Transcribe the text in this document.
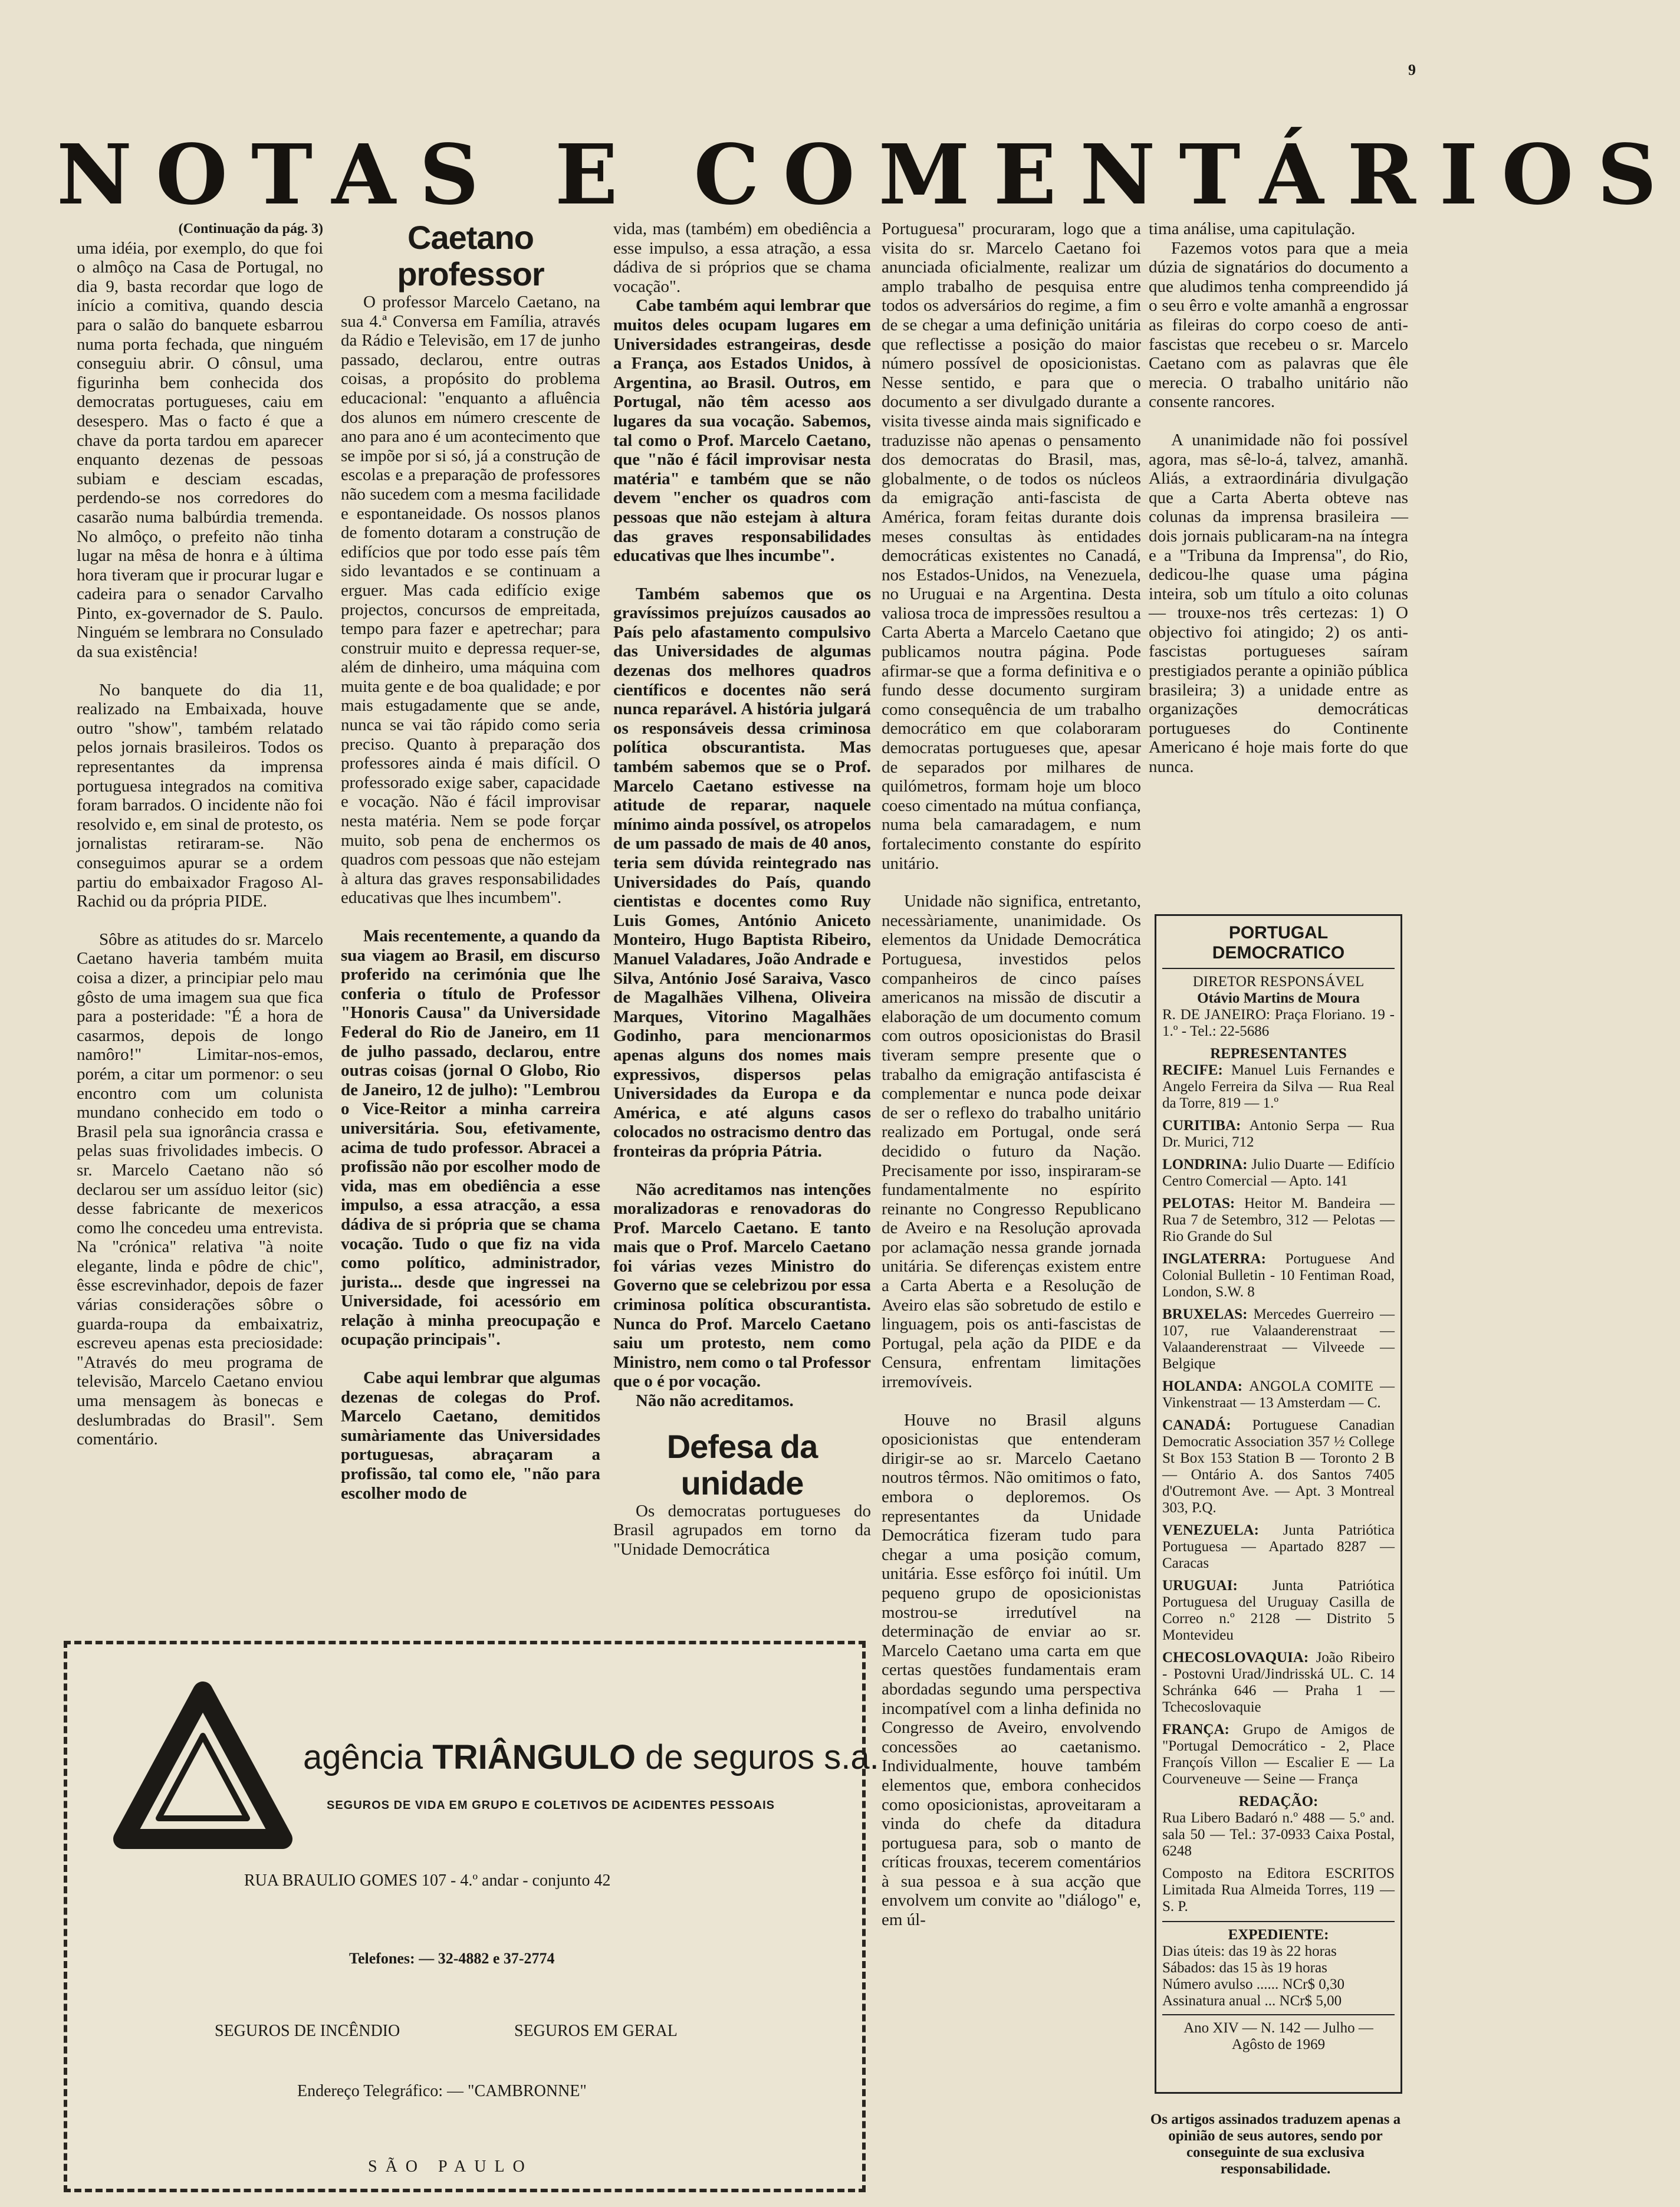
9
NOTAS E COMENTÁRIOS

(Continuação da pág. 3)

uma idéia, por exemplo, do que foi o almôço na Casa de Portugal, no dia 9, basta recordar que logo de início a comitiva, quando descia para o salão do banquete esbarrou numa porta fechada, que ninguém conseguiu abrir. O cônsul, uma figurinha bem conhecida dos democratas portugueses, caiu em desespero. Mas o facto é que a chave da porta tardou em aparecer enquanto dezenas de pessoas subiam e desciam escadas, perdendo-se nos corredores do casarão numa balbúrdia tremenda. No almôço, o prefeito não tinha lugar na mêsa de honra e à última hora tiveram que ir procurar lugar e cadeira para o senador Carvalho Pinto, ex-governador de S. Paulo. Ninguém se lembrara no Consulado da sua existência!

No banquete do dia 11, realizado na Embaixada, houve outro "show", também relatado pelos jornais brasileiros. Todos os representantes da imprensa portuguesa integrados na comitiva foram barrados. O incidente não foi resolvido e, em sinal de protesto, os jornalistas retiraram-se. Não conseguimos apurar se a ordem partiu do embaixador Fragoso Al-Rachid ou da própria PIDE.

Sôbre as atitudes do sr. Marcelo Caetano haveria também muita coisa a dizer, a principiar pelo mau gôsto de uma imagem sua que fica para a posteridade: "É a hora de casarmos, depois de longo namôro!" Limitar-nos-emos, porém, a citar um pormenor: o seu encontro com um colunista mundano conhecido em todo o Brasil pela sua ignorância crassa e pelas suas frivolidades imbecis. O sr. Marcelo Caetano não só declarou ser um assíduo leitor (sic) desse fabricante de mexericos como lhe concedeu uma entrevista. Na "crónica" relativa "à noite elegante, linda e pôdre de chic", êsse escrevinhador, depois de fazer várias considerações sôbre o guarda-roupa da embaixatriz, escreveu apenas esta preciosidade: "Através do meu programa de televisão, Marcelo Caetano enviou uma mensagem às bonecas e deslumbradas do Brasil". Sem comentário.

Caetano professor

O professor Marcelo Caetano, na sua 4.ª Conversa em Família, através da Rádio e Televisão, em 17 de junho passado, declarou, entre outras coisas, a propósito do problema educacional: "enquanto a afluência dos alunos em número crescente de ano para ano é um acontecimento que se impõe por si só, já a construção de escolas e a preparação de professores não sucedem com a mesma facilidade e espontaneidade. Os nossos planos de fomento dotaram a construção de edifícios que por todo esse país têm sido levantados e se continuam a erguer. Mas cada edifício exige projectos, concursos de empreitada, tempo para fazer e apetrechar; para construir muito e depressa requer-se, além de dinheiro, uma máquina com muita gente e de boa qualidade; e por mais estugadamente que se ande, nunca se vai tão rápido como seria preciso. Quanto à preparação dos professores ainda é mais difícil. O professorado exige saber, capacidade e vocação. Não é fácil improvisar nesta matéria. Nem se pode forçar muito, sob pena de enchermos os quadros com pessoas que não estejam à altura das graves responsabilidades educativas que lhes incumbem".

Mais recentemente, a quando da sua viagem ao Brasil, em discurso proferido na cerimónia que lhe conferia o título de Professor "Honoris Causa" da Universidade Federal do Rio de Janeiro, em 11 de julho passado, declarou, entre outras coisas (jornal O Globo, Rio de Janeiro, 12 de julho): "Lembrou o Vice-Reitor a minha carreira universitária. Sou, efetivamente, acima de tudo professor. Abracei a profissão não por escolher modo de vida, mas em obediência a esse impulso, a essa atracção, a essa dádiva de si própria que se chama vocação. Tudo o que fiz na vida como político, administrador, jurista... desde que ingressei na Universidade, foi acessório em relação à minha preocupação e ocupação principais".

Cabe aqui lembrar que algumas dezenas de colegas do Prof. Marcelo Caetano, demitidos sumàriamente das Universidades portuguesas, abraçaram a profissão, tal como ele, "não para escolher modo de

vida, mas (também) em obediência a esse impulso, a essa atração, a essa dádiva de si próprios que se chama vocação".

Cabe também aqui lembrar que muitos deles ocupam lugares em Universidades estrangeiras, desde a França, aos Estados Unidos, à Argentina, ao Brasil. Outros, em Portugal, não têm acesso aos lugares da sua vocação. Sabemos, tal como o Prof. Marcelo Caetano, que "não é fácil improvisar nesta matéria" e também que se não devem "encher os quadros com pessoas que não estejam à altura das graves responsabilidades educativas que lhes incumbe".

Também sabemos que os gravíssimos prejuízos causados ao País pelo afastamento compulsivo das Universidades de algumas dezenas dos melhores quadros científicos e docentes não será nunca reparável. A história julgará os responsáveis dessa criminosa política obscurantista. Mas também sabemos que se o Prof. Marcelo Caetano estivesse na atitude de reparar, naquele mínimo ainda possível, os atropelos de um passado de mais de 40 anos, teria sem dúvida reintegrado nas Universidades do País, quando cientistas e docentes como Ruy Luis Gomes, António Aniceto Monteiro, Hugo Baptista Ribeiro, Manuel Valadares, João Andrade e Silva, António José Saraiva, Vasco de Magalhães Vilhena, Oliveira Marques, Vitorino Magalhães Godinho, para mencionarmos apenas alguns dos nomes mais expressivos, dispersos pelas Universidades da Europa e da América, e até alguns casos colocados no ostracismo dentro das fronteiras da própria Pátria.

Não acreditamos nas intenções moralizadoras e renovadoras do Prof. Marcelo Caetano. E tanto mais que o Prof. Marcelo Caetano foi várias vezes Ministro do Governo que se celebrizou por essa criminosa política obscurantista. Nunca do Prof. Marcelo Caetano saiu um protesto, nem como Ministro, nem como o tal Professor que o é por vocação.

Não não acreditamos.

Defesa da unidade

Os democratas portugueses do Brasil agrupados em torno da "Unidade Democrática

Portuguesa" procuraram, logo que a visita do sr. Marcelo Caetano foi anunciada oficialmente, realizar um amplo trabalho de pesquisa entre todos os adversários do regime, a fim de se chegar a uma definição unitária que reflectisse a posição do maior número possível de oposicionistas. Nesse sentido, e para que o documento a ser divulgado durante a visita tivesse ainda mais significado e traduzisse não apenas o pensamento dos democratas do Brasil, mas, globalmente, o de todos os núcleos da emigração anti-fascista de América, foram feitas durante dois meses consultas às entidades democráticas existentes no Canadá, nos Estados-Unidos, na Venezuela, no Uruguai e na Argentina. Desta valiosa troca de impressões resultou a Carta Aberta a Marcelo Caetano que publicamos noutra página. Pode afirmar-se que a forma definitiva e o fundo desse documento surgiram como consequência de um trabalho democrático em que colaboraram democratas portugueses que, apesar de separados por milhares de quilómetros, formam hoje um bloco coeso cimentado na mútua confiança, numa bela camaradagem, e num fortalecimento constante do espírito unitário.

Unidade não significa, entretanto, necessàriamente, unanimidade. Os elementos da Unidade Democrática Portuguesa, investidos pelos companheiros de cinco países americanos na missão de discutir a elaboração de um documento comum com outros oposicionistas do Brasil tiveram sempre presente que o trabalho da emigração antifascista é complementar e nunca pode deixar de ser o reflexo do trabalho unitário realizado em Portugal, onde será decidido o futuro da Nação. Precisamente por isso, inspiraram-se fundamentalmente no espírito reinante no Congresso Republicano de Aveiro e na Resolução aprovada por aclamação nessa grande jornada unitária. Se diferenças existem entre a Carta Aberta e a Resolução de Aveiro elas são sobretudo de estilo e linguagem, pois os anti-fascistas de Portugal, pela ação da PIDE e da Censura, enfrentam limitações irremovíveis.

Houve no Brasil alguns oposicionistas que entenderam dirigir-se ao sr. Marcelo Caetano noutros têrmos. Não omitimos o fato, embora o deploremos. Os representantes da Unidade Democrática fizeram tudo para chegar a uma posição comum, unitária. Esse esfôrço foi inútil. Um pequeno grupo de oposicionistas mostrou-se irredutível na determinação de enviar ao sr. Marcelo Caetano uma carta em que certas questões fundamentais eram abordadas segundo uma perspectiva incompatível com a linha definida no Congresso de Aveiro, envolvendo concessões ao caetanismo. Individualmente, houve também elementos que, embora conhecidos como oposicionistas, aproveitaram a vinda do chefe da ditadura portuguesa para, sob o manto de críticas frouxas, tecerem comentários à sua pessoa e à sua acção que envolvem um convite ao "diálogo" e, em úl-

tima análise, uma capitulação.

Fazemos votos para que a meia dúzia de signatários do documento a que aludimos tenha compreendido já o seu êrro e volte amanhã a engrossar as fileiras do corpo coeso de anti-fascistas que recebeu o sr. Marcelo Caetano com as palavras que êle merecia. O trabalho unitário não consente rancores.

A unanimidade não foi possível agora, mas sê-lo-á, talvez, amanhã. Aliás, a extraordinária divulgação que a Carta Aberta obteve nas colunas da imprensa brasileira — dois jornais publicaram-na na íntegra e a "Tribuna da Imprensa", do Rio, dedicou-lhe quase uma página inteira, sob um título a oito colunas — trouxe-nos três certezas: 1) O objectivo foi atingido; 2) os anti-fascistas portugueses saíram prestigiados perante a opinião pública brasileira; 3) a unidade entre as organizações democráticas portugueses do Continente Americano é hoje mais forte do que nunca.

PORTUGAL
DEMOCRATICO
DIRETOR RESPONSÁVEL
Otávio Martins de Moura

R. DE JANEIRO: Praça Floriano. 19 - 1.º - Tel.: 22-5686

REPRESENTANTES

RECIFE: Manuel Luis Fernandes e Angelo Ferreira da Silva — Rua Real da Torre, 819 — 1.º

CURITIBA: Antonio Serpa — Rua Dr. Murici, 712

LONDRINA: Julio Duarte — Edifício Centro Comercial — Apto. 141

PELOTAS: Heitor M. Bandeira — Rua 7 de Setembro, 312 — Pelotas — Rio Grande do Sul

INGLATERRA: Portuguese And Colonial Bulletin - 10 Fentiman Road, London, S.W. 8

BRUXELAS: Mercedes Guerreiro — 107, rue Valaanderenstraat — Valaanderenstraat — Vilveede — Belgique

HOLANDA: ANGOLA COMITE — Vinkenstraat — 13 Amsterdam — C.

CANADÁ: Portuguese Canadian Democratic Association 357 ½ College St Box 153 Station B — Toronto 2 B — Ontário A. dos Santos 7405 d'Outremont Ave. — Apt. 3 Montreal 303, P.Q.

VENEZUELA: Junta Patriótica Portuguesa — Apartado 8287 — Caracas

URUGUAI: Junta Patriótica Portuguesa del Uruguay Casilla de Correo n.º 2128 — Distrito 5 Montevideu

CHECOSLOVAQUIA: João Ribeiro - Postovni Urad/Jindrisská UL. C. 14 Schránka 646 — Praha 1 — Tchecoslovaquie

FRANÇA: Grupo de Amigos de "Portugal Democrático - 2, Place Françoís Villon — Escalier E — La Courveneuve — Seine — França

REDAÇÃO:

Rua Libero Badaró n.º 488 — 5.º and. sala 50 — Tel.: 37-0933 Caixa Postal, 6248

Composto na Editora ESCRITOS Limitada Rua Almeida Torres, 119 — S. P.

EXPEDIENTE:
Dias úteis: das 19 às 22 horas
Sábados: das 15 às 19 horas
Número avulso ...... NCr$ 0,30
Assinatura anual ... NCr$ 5,00
Ano XIV — N. 142 — Julho — Agôsto de 1969
Os artigos assinados traduzem apenas a opinião de seus autores, sendo por conseguinte de sua exclusiva responsabilidade.
agência TRIÂNGULO de seguros s.a.
SEGUROS DE VIDA EM GRUPO E COLETIVOS DE ACIDENTES PESSOAIS
RUA BRAULIO GOMES 107 - 4.º andar - conjunto 42
Telefones: — 32-4882 e 37-2774
SEGUROS DE INCÊNDIO	SEGUROS EM GERAL
Endereço Telegráfico: — "CAMBRONNE"
SÃO PAULO
